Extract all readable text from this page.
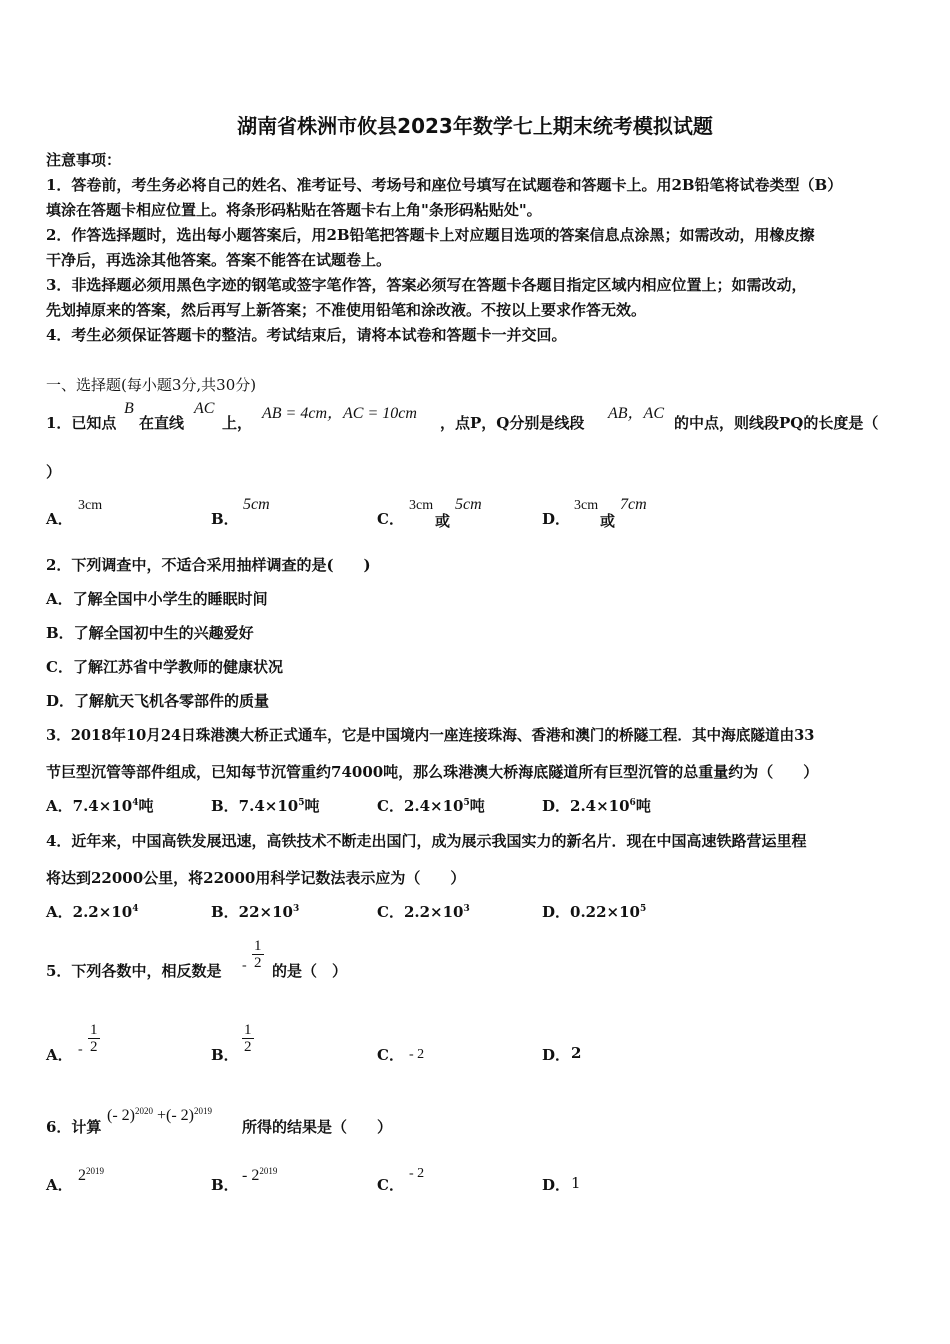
湖南省株洲市攸县2023年数学七上期末统考模拟试题
注意事项：
1．答卷前，考生务必将自己的姓名、准考证号、考场号和座位号填写在试题卷和答题卡上。用2B铅笔将试卷类型（B）
填涂在答题卡相应位置上。将条形码粘贴在答题卡右上角"条形码粘贴处"。
2．作答选择题时，选出每小题答案后，用2B铅笔把答题卡上对应题目选项的答案信息点涂黑；如需改动，用橡皮擦
干净后，再选涂其他答案。答案不能答在试题卷上。
3．非选择题必须用黑色字迹的钢笔或签字笔作答，答案必须写在答题卡各题目指定区域内相应位置上；如需改动，
先划掉原来的答案，然后再写上新答案；不准使用铅笔和涂改液。不按以上要求作答无效。
4．考生必须保证答题卡的整洁。考试结束后，请将本试卷和答题卡一并交回。
一、选择题(每小题3分,共30分)
1．已知点
B
在直线
AC
上，
AB = 4cm，AC = 10cm
，点P，Q分别是线段
AB，AC
的中点，则线段PQ的长度是（
）
A．
3cm
B．
5cm
C．
3cm
或
5cm
D．
3cm
或
7cm
2．下列调查中，不适合采用抽样调查的是(　　)
A．了解全国中小学生的睡眠时间
B．了解全国初中生的兴趣爱好
C．了解江苏省中学教师的健康状况
D．了解航天飞机各零部件的质量
3．2018年10月24日珠港澳大桥正式通车，它是中国境内一座连接珠海、香港和澳门的桥隧工程．其中海底隧道由33
节巨型沉管等部件组成，已知每节沉管重约74000吨，那么珠港澳大桥海底隧道所有巨型沉管的总重量约为（　　）
A．$7.4\times 10^4$吨	B．$7.4\times 10^5$吨	C．$2.4\times 10^5$吨	D．$2.4\times 10^6$吨
4．近年来，中国高铁发展迅速，高铁技术不断走出国门，成为展示我国实力的新名片．现在中国高速铁路营运里程
将达到22000公里，将22000用科学记数法表示应为（　　）
A．$2.2\times 10^4$	B．$22\times 10^3$	C．$2.2\times 10^3$	D．$0.22\times 10^5$
5．下列各数中，相反数是 - $\frac{1}{2}$ 的是（　）
A． - $\frac{1}{2}$	B． $\frac{1}{2}$	C． - 2	D． 2
6．计算
(- 2)$^{2020}$ +(- 2)$^{2019}$
所得的结果是（　　）
A．
$2^{2019}$
B．
- $2^{2019}$
C．
- 2
D． 1
